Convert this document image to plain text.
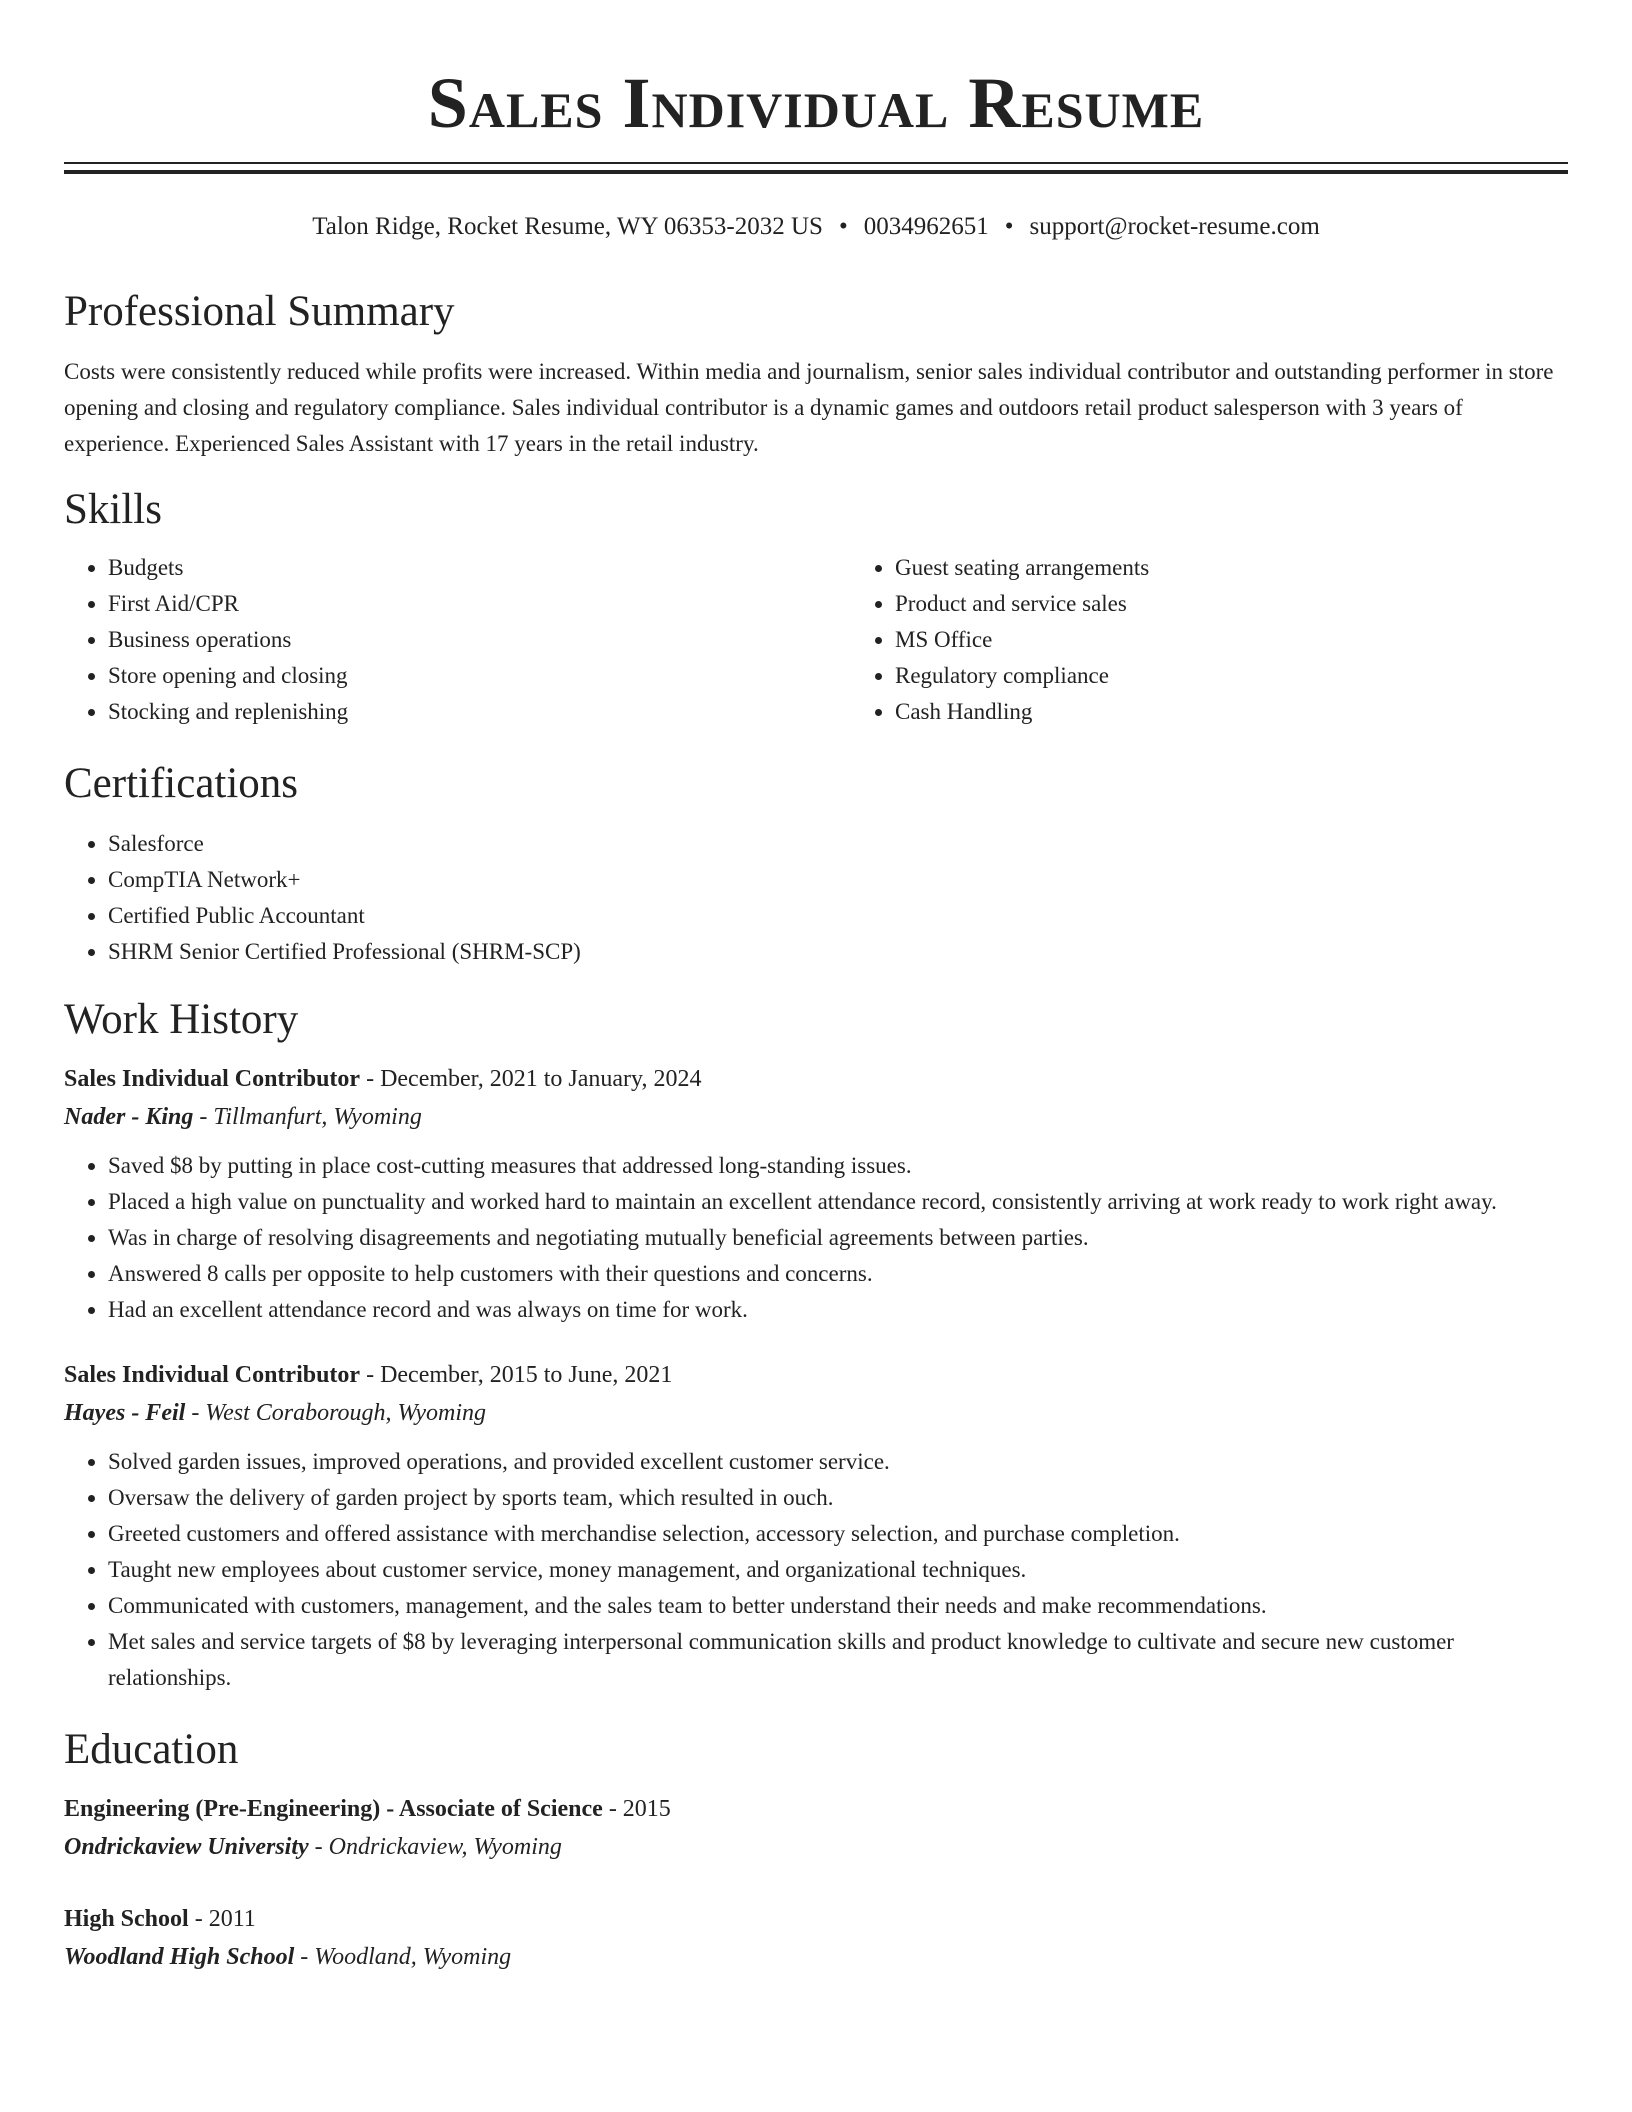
Sales Individual Resume
Talon Ridge, Rocket Resume, WY 06353-2032 US • 0034962651 • support@rocket-resume.com
Professional Summary

Costs were consistently reduced while profits were increased. Within media and journalism, senior sales individual contributor and outstanding performer in store opening and closing and regulatory compliance. Sales individual contributor is a dynamic games and outdoors retail product salesperson with 3 years of experience. Experienced Sales Assistant with 17 years in the retail industry.

Skills
• Budgets
• First Aid/CPR
• Business operations
• Store opening and closing
• Stocking and replenishing
• Guest seating arrangements
• Product and service sales
• MS Office
• Regulatory compliance
• Cash Handling
Certifications
• Salesforce
• CompTIA Network+
• Certified Public Accountant
• SHRM Senior Certified Professional (SHRM-SCP)
Work History
Sales Individual Contributor - December, 2021 to January, 2024
Nader - King - Tillmanfurt, Wyoming
• Saved $8 by putting in place cost-cutting measures that addressed long-standing issues.
• Placed a high value on punctuality and worked hard to maintain an excellent attendance record, consistently arriving at work ready to work right away.
• Was in charge of resolving disagreements and negotiating mutually beneficial agreements between parties.
• Answered 8 calls per opposite to help customers with their questions and concerns.
• Had an excellent attendance record and was always on time for work.
Sales Individual Contributor - December, 2015 to June, 2021
Hayes - Feil - West Coraborough, Wyoming
• Solved garden issues, improved operations, and provided excellent customer service.
• Oversaw the delivery of garden project by sports team, which resulted in ouch.
• Greeted customers and offered assistance with merchandise selection, accessory selection, and purchase completion.
• Taught new employees about customer service, money management, and organizational techniques.
• Communicated with customers, management, and the sales team to better understand their needs and make recommendations.
• Met sales and service targets of $8 by leveraging interpersonal communication skills and product knowledge to cultivate and secure new customer relationships.
Education
Engineering (Pre-Engineering) - Associate of Science - 2015
Ondrickaview University - Ondrickaview, Wyoming
High School - 2011
Woodland High School - Woodland, Wyoming
